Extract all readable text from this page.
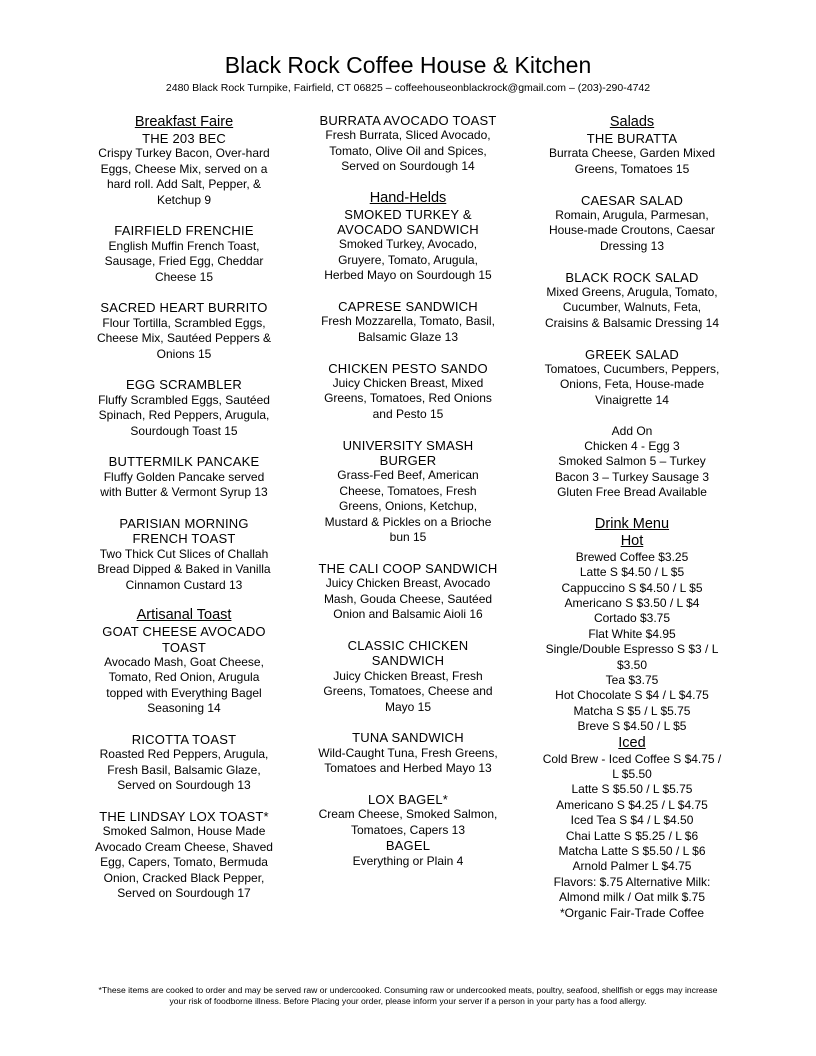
Black Rock Coffee House & Kitchen
2480 Black Rock Turnpike, Fairfield, CT 06825 – coffeehouseonblackrock@gmail.com – (203)-290-4742
Breakfast Faire
THE 203 BEC
Crispy Turkey Bacon, Over-hard Eggs, Cheese Mix, served on a hard roll. Add Salt, Pepper, & Ketchup 9
FAIRFIELD FRENCHIE
English Muffin French Toast, Sausage, Fried Egg, Cheddar Cheese 15
SACRED HEART BURRITO
Flour Tortilla, Scrambled Eggs, Cheese Mix, Sautéed Peppers & Onions 15
EGG SCRAMBLER
Fluffy Scrambled Eggs, Sautéed Spinach, Red Peppers, Arugula, Sourdough Toast 15
BUTTERMILK PANCAKE
Fluffy Golden Pancake served with Butter & Vermont Syrup 13
PARISIAN MORNING FRENCH TOAST
Two Thick Cut Slices of Challah Bread Dipped & Baked in Vanilla Cinnamon Custard 13
Artisanal Toast
GOAT CHEESE AVOCADO TOAST
Avocado Mash, Goat Cheese, Tomato, Red Onion, Arugula topped with Everything Bagel Seasoning 14
RICOTTA TOAST
Roasted Red Peppers, Arugula, Fresh Basil, Balsamic Glaze, Served on Sourdough 13
THE LINDSAY LOX TOAST*
Smoked Salmon, House Made Avocado Cream Cheese, Shaved Egg, Capers, Tomato, Bermuda Onion, Cracked Black Pepper, Served on Sourdough 17
BURRATA AVOCADO TOAST
Fresh Burrata, Sliced Avocado, Tomato, Olive Oil and Spices, Served on Sourdough 14
Hand-Helds
SMOKED TURKEY & AVOCADO SANDWICH
Smoked Turkey, Avocado, Gruyere, Tomato, Arugula, Herbed Mayo on Sourdough 15
CAPRESE SANDWICH
Fresh Mozzarella, Tomato, Basil, Balsamic Glaze 13
CHICKEN PESTO SANDO
Juicy Chicken Breast, Mixed Greens, Tomatoes, Red Onions and Pesto 15
UNIVERSITY SMASH BURGER
Grass-Fed Beef, American Cheese, Tomatoes, Fresh Greens, Onions, Ketchup, Mustard & Pickles on a Brioche bun 15
THE CALI COOP SANDWICH
Juicy Chicken Breast, Avocado Mash, Gouda Cheese, Sautéed Onion and Balsamic Aioli 16
CLASSIC CHICKEN SANDWICH
Juicy Chicken Breast, Fresh Greens, Tomatoes, Cheese and Mayo 15
TUNA SANDWICH
Wild-Caught Tuna, Fresh Greens, Tomatoes and Herbed Mayo 13
LOX BAGEL*
Cream Cheese, Smoked Salmon, Tomatoes, Capers 13
BAGEL
Everything or Plain 4
Salads
THE BURATTA
Burrata Cheese, Garden Mixed Greens, Tomatoes 15
CAESAR SALAD
Romain, Arugula, Parmesan, House-made Croutons, Caesar Dressing 13
BLACK ROCK SALAD
Mixed Greens, Arugula, Tomato, Cucumber, Walnuts, Feta, Craisins & Balsamic Dressing 14
GREEK SALAD
Tomatoes, Cucumbers, Peppers, Onions, Feta, House-made Vinaigrette 14
Add On
Chicken 4 - Egg 3
Smoked Salmon 5 – Turkey Bacon 3 – Turkey Sausage 3
Gluten Free Bread Available
Drink Menu
Hot
Brewed Coffee $3.25
Latte S $4.50 / L $5
Cappuccino S $4.50 / L $5
Americano S $3.50 / L $4
Cortado $3.75
Flat White $4.95
Single/Double Espresso S $3 / L $3.50
Tea $3.75
Hot Chocolate S $4 / L $4.75
Matcha S $5 / L $5.75
Breve S $4.50 / L $5
Iced
Cold Brew - Iced Coffee S $4.75 / L $5.50
Latte S $5.50 / L $5.75
Americano S $4.25 / L $4.75
Iced Tea S $4 / L $4.50
Chai Latte S $5.25 / L $6
Matcha Latte S $5.50 / L $6
Arnold Palmer L $4.75
Flavors: $.75 Alternative Milk: Almond milk / Oat milk $.75
*Organic Fair-Trade Coffee
*These items are cooked to order and may be served raw or undercooked. Consuming raw or undercooked meats, poultry, seafood, shellfish or eggs may increase your risk of foodborne illness. Before Placing your order, please inform your server if a person in your party has a food allergy.
